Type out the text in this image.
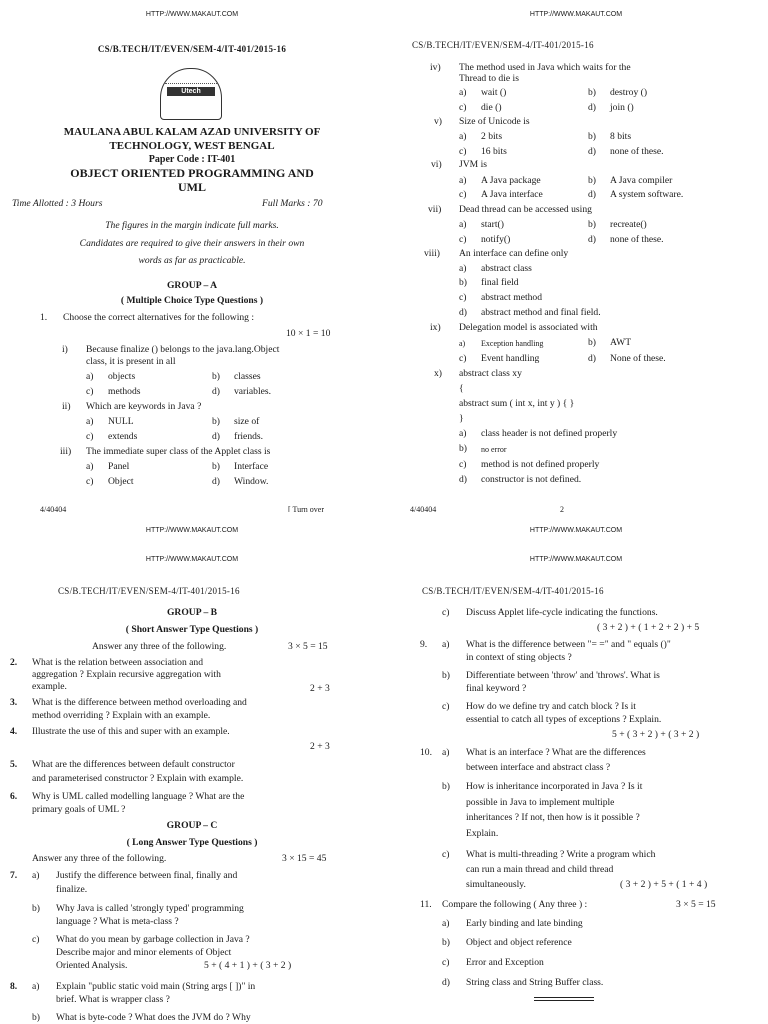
HTTP://WWW.MAKAUT.COM
CS/B.TECH/IT/EVEN/SEM-4/IT-401/2015-16
Utech
MAULANA ABUL KALAM AZAD UNIVERSITY OF
TECHNOLOGY, WEST BENGAL
Paper Code : IT-401
OBJECT ORIENTED PROGRAMMING AND
UML
Time Allotted : 3 Hours	Full Marks : 70
The figures in the margin indicate full marks.
Candidates are required to give their answers in their own
words as far as practicable.
GROUP – A
( Multiple Choice Type Questions )
1. Choose the correct alternatives for the following :
10 × 1 = 10
i) Because finalize () belongs to the java.lang.Object
class, it is present in all
a) objects	b) classes
c) methods	d) variables.
ii) Which are keywords in Java ?
a) NULL	b) size of
c) extends	d) friends.
iii) The immediate super class of the Applet class is
a) Panel	b) Interface
c) Object	d) Window.
4/40404	[ Turn over
HTTP://WWW.MAKAUT.COM
CS/B.TECH/IT/EVEN/SEM-4/IT-401/2015-16
iv) The method used in Java which waits for the
Thread to die is
a) wait ()	b) destroy ()
c) die ()	d) join ()
v) Size of Unicode is
a) 2 bits	b) 8 bits
c) 16 bits	d) none of these.
vi) JVM is
a) A Java package	b) A Java compiler
c) A Java interface	d) A system software.
vii) Dead thread can be accessed using
a) start()	b) recreate()
c) notify()	d) none of these.
viii) An interface can define only
a) abstract class
b) final field
c) abstract method
d) abstract method and final field.
ix) Delegation model is associated with
a) Exception handling	b) AWT
c) Event handling	d) None of these.
x) abstract class xy
{
abstract sum ( int x, int y ) { }
}
a) class header is not defined properly
b) no error
c) method is not defined properly
d) constructor is not defined.
4/40404	2
HTTP://WWW.MAKAUT.COM
HTTP://WWW.MAKAUT.COM
CS/B.TECH/IT/EVEN/SEM-4/IT-401/2015-16
GROUP – B
( Short Answer Type Questions )
Answer any three of the following.	3 × 5 = 15
2. What is the relation between association and
aggregation ? Explain recursive aggregation with
example.	2 + 3
3. What is the difference between method overloading and
method overriding ? Explain with an example.
4. Illustrate the use of this and super with an example.
2 + 3
5. What are the differences between default constructor
and parameterised constructor ? Explain with example.
6. Why is UML called modelling language ? What are the
primary goals of UML ?
GROUP – C
( Long Answer Type Questions )
Answer any three of the following.	3 × 15 = 45
7. a) Justify the difference between final, finally and
finalize.
b) Why Java is called 'strongly typed' programming
language ? What is meta-class ?
c) What do you mean by garbage collection in Java ?
Describe major and minor elements of Object
Oriented Analysis.	5 + ( 4 + 1 ) + ( 3 + 2 )
8. a) Explain "public static void main (String args [ ])" in
brief. What is wrapper class ?
b) What is byte-code ? What does the JVM do ? Why
HTTP://WWW.MAKAUT.COM
HTTP://WWW.MAKAUT.COM
CS/B.TECH/IT/EVEN/SEM-4/IT-401/2015-16
c) Discuss Applet life-cycle indicating the functions.
( 3 + 2 ) + ( 1 + 2 + 2 ) + 5
9. a) What is the difference between "= =" and " equals ()"
in context of sting objects ?
b) Differentiate between 'throw' and 'throws'. What is
final keyword ?
c) How do we define try and catch block ? Is it
essential to catch all types of exceptions ? Explain.
5 + ( 3 + 2 ) + ( 3 + 2 )
10. a) What is an interface ? What are the differences
between interface and abstract class ?
b) How is inheritance incorporated in Java ? Is it
possible in Java to implement multiple
inheritances ? If not, then how is it possible ?
Explain.
c) What is multi-threading ? Write a program which
can run a main thread and child thread
simultaneously.	( 3 + 2 ) + 5 + ( 1 + 4 )
11. Compare the following ( Any three ) :	3 × 5 = 15
a) Early binding and late binding
b) Object and object reference
c) Error and Exception
d) String class and String Buffer class.
